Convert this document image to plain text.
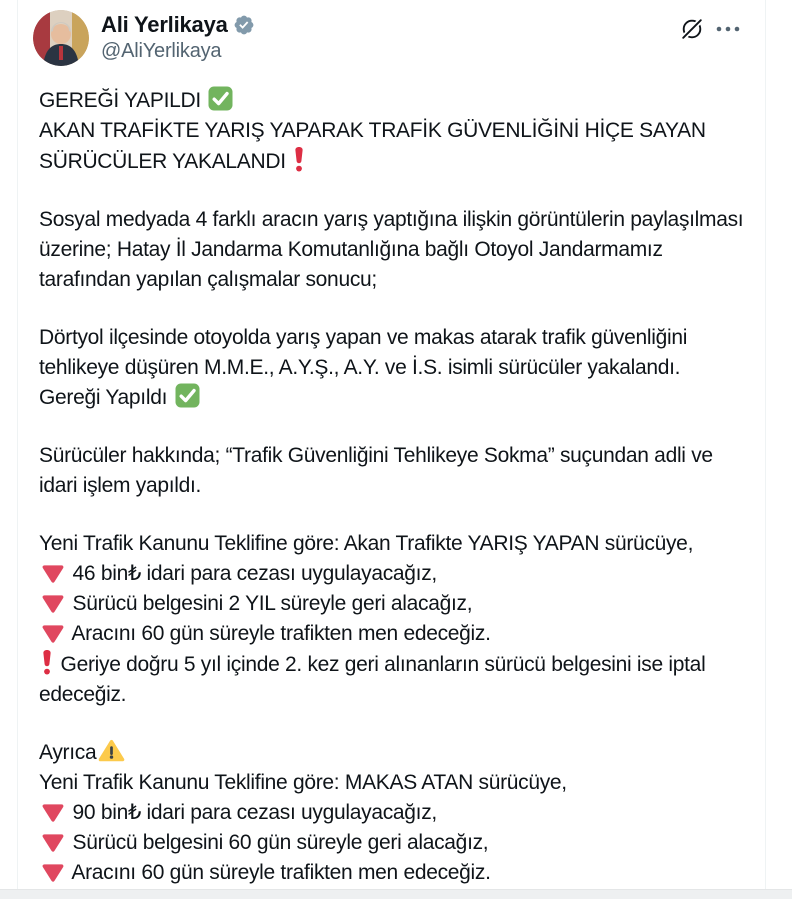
Ali Yerlikaya
@AliYerlikaya

GEREĞİ YAPILDI
AKAN TRAFİKTE YARIŞ YAPARAK TRAFİK GÜVENLİĞİNİ HİÇE SAYAN SÜRÜCÜLER YAKALANDI

Sosyal medyada 4 farklı aracın yarış yaptığına ilişkin görüntülerin paylaşılması üzerine; Hatay İl Jandarma Komutanlığına bağlı Otoyol Jandarmamız tarafından yapılan çalışmalar sonucu;

Dörtyol ilçesinde otoyolda yarış yapan ve makas atarak trafik güvenliğini tehlikeye düşüren M.M.E., A.Y.Ş., A.Y. ve İ.S. isimli sürücüler yakalandı. Gereği Yapıldı

Sürücüler hakkında; “Trafik Güvenliğini Tehlikeye Sokma” suçundan adli ve idari işlem yapıldı.

Yeni Trafik Kanunu Teklifine göre: Akan Trafikte YARIŞ YAPAN sürücüye,
46 bin₺ idari para cezası uygulayacağız,
Sürücü belgesini 2 YIL süreyle geri alacağız,
Aracını 60 gün süreyle trafikten men edeceğiz.
Geriye doğru 5 yıl içinde 2. kez geri alınanların sürücü belgesini ise iptal edeceğiz.

Ayrıca
Yeni Trafik Kanunu Teklifine göre: MAKAS ATAN sürücüye,
90 bin₺ idari para cezası uygulayacağız,
Sürücü belgesini 60 gün süreyle geri alacağız,
Aracını 60 gün süreyle trafikten men edeceğiz.
